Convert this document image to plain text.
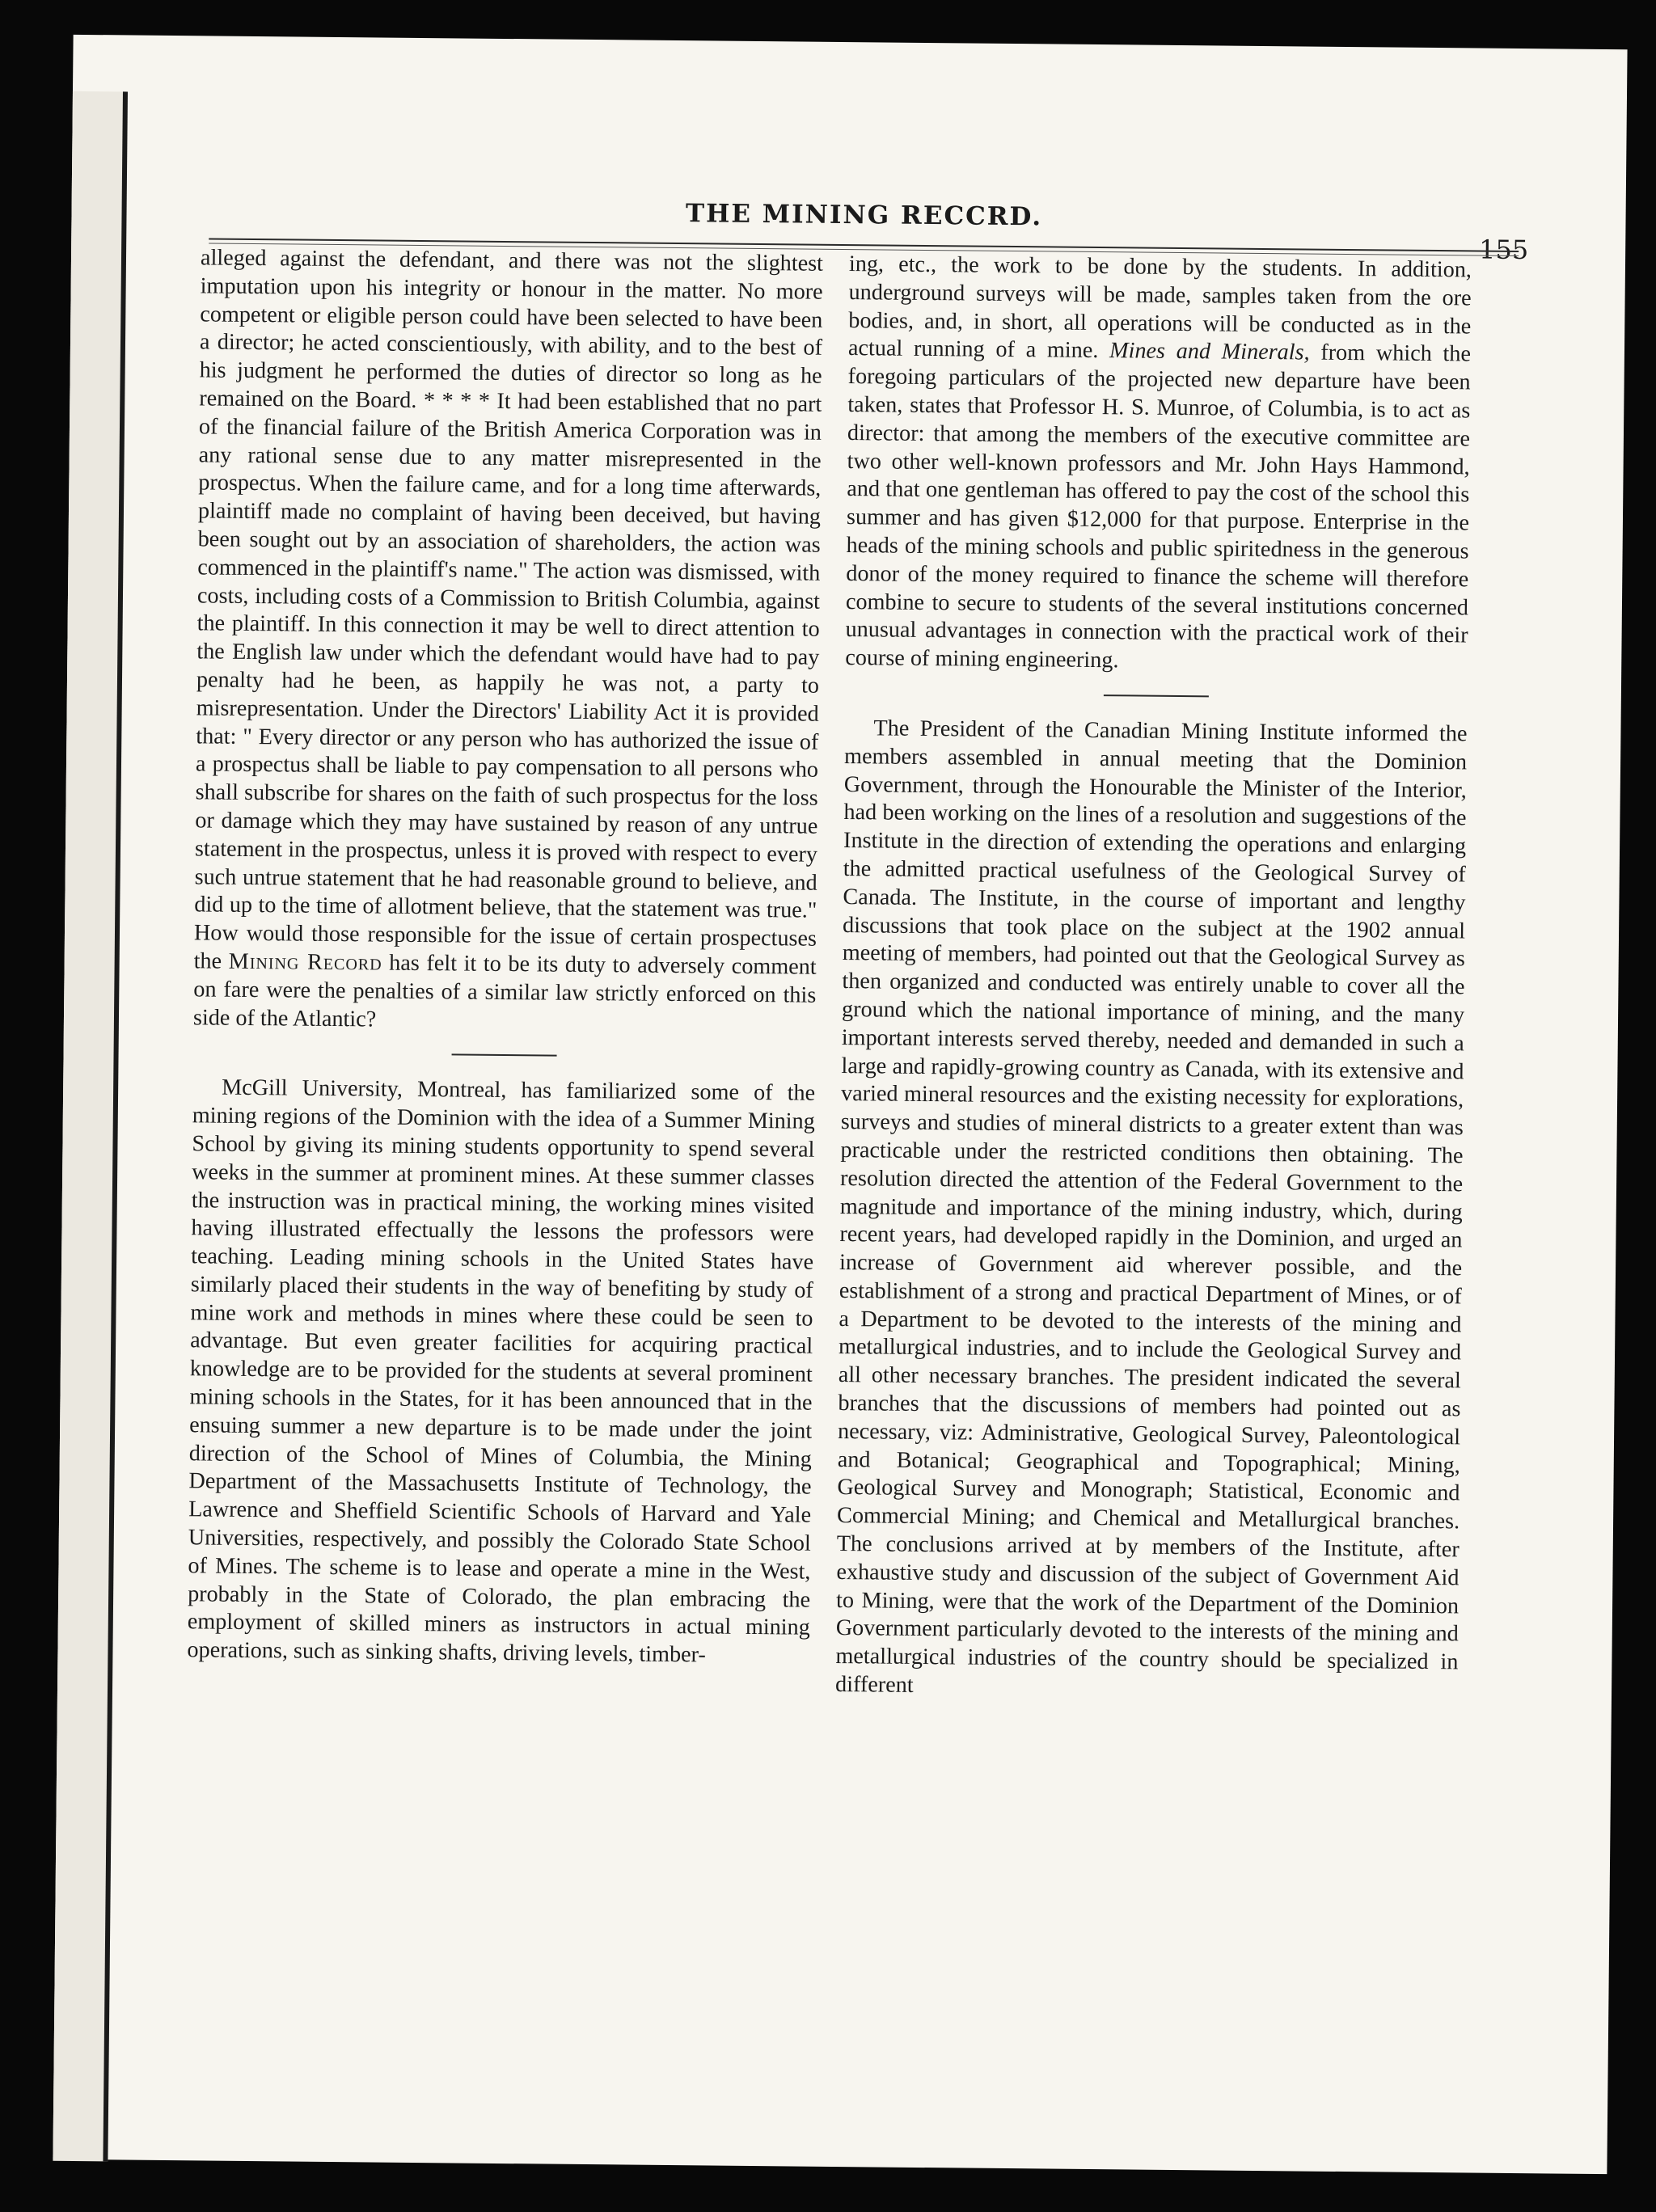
THE MINING RECCRD.
155

alleged against the defendant, and there was not the slightest imputation upon his integrity or honour in the matter. No more competent or eligible person could have been selected to have been a director; he acted conscientiously, with ability, and to the best of his judgment he performed the duties of director so long as he remained on the Board. * * * * It had been established that no part of the financial failure of the British America Corporation was in any rational sense due to any matter misrepresented in the prospectus. When the failure came, and for a long time afterwards, plaintiff made no complaint of having been deceived, but having been sought out by an association of shareholders, the action was commenced in the plaintiff's name." The action was dismissed, with costs, including costs of a Commission to British Columbia, against the plaintiff. In this connection it may be well to direct attention to the English law under which the defendant would have had to pay penalty had he been, as happily he was not, a party to misrepresentation. Under the Directors' Liability Act it is provided that: " Every director or any person who has authorized the issue of a prospectus shall be liable to pay compensation to all persons who shall subscribe for shares on the faith of such prospectus for the loss or damage which they may have sustained by reason of any untrue statement in the prospectus, unless it is proved with respect to every such untrue statement that he had reasonable ground to believe, and did up to the time of allotment believe, that the statement was true." How would those responsible for the issue of certain prospectuses the Mining Record has felt it to be its duty to adversely comment on fare were the penalties of a similar law strictly enforced on this side of the Atlantic?

McGill University, Montreal, has familiarized some of the mining regions of the Dominion with the idea of a Summer Mining School by giving its mining students opportunity to spend several weeks in the summer at prominent mines. At these summer classes the instruction was in practical mining, the working mines visited having illustrated effectually the lessons the professors were teaching. Leading mining schools in the United States have similarly placed their students in the way of benefiting by study of mine work and methods in mines where these could be seen to advantage. But even greater facilities for acquiring practical knowledge are to be provided for the students at several prominent mining schools in the States, for it has been announced that in the ensuing summer a new departure is to be made under the joint direction of the School of Mines of Columbia, the Mining Department of the Massachusetts Institute of Technology, the Lawrence and Sheffield Scientific Schools of Harvard and Yale Universities, respectively, and possibly the Colorado State School of Mines. The scheme is to lease and operate a mine in the West, probably in the State of Colorado, the plan embracing the employment of skilled miners as instructors in actual mining operations, such as sinking shafts, driving levels, timber-

ing, etc., the work to be done by the students. In addition, underground surveys will be made, samples taken from the ore bodies, and, in short, all operations will be conducted as in the actual running of a mine. Mines and Minerals, from which the foregoing particulars of the projected new departure have been taken, states that Professor H. S. Munroe, of Columbia, is to act as director: that among the members of the executive committee are two other well-known professors and Mr. John Hays Hammond, and that one gentleman has offered to pay the cost of the school this summer and has given $12,000 for that purpose. Enterprise in the heads of the mining schools and public spiritedness in the generous donor of the money required to finance the scheme will therefore combine to secure to students of the several institutions concerned unusual advantages in connection with the practical work of their course of mining engineering.

The President of the Canadian Mining Institute informed the members assembled in annual meeting that the Dominion Government, through the Honourable the Minister of the Interior, had been working on the lines of a resolution and suggestions of the Institute in the direction of extending the operations and enlarging the admitted practical usefulness of the Geological Survey of Canada. The Institute, in the course of important and lengthy discussions that took place on the subject at the 1902 annual meeting of members, had pointed out that the Geological Survey as then organized and conducted was entirely unable to cover all the ground which the national importance of mining, and the many important interests served thereby, needed and demanded in such a large and rapidly-growing country as Canada, with its extensive and varied mineral resources and the existing necessity for explorations, surveys and studies of mineral districts to a greater extent than was practicable under the restricted conditions then obtaining. The resolution directed the attention of the Federal Government to the magnitude and importance of the mining industry, which, during recent years, had developed rapidly in the Dominion, and urged an increase of Government aid wherever possible, and the establishment of a strong and practical Department of Mines, or of a Department to be devoted to the interests of the mining and metallurgical industries, and to include the Geological Survey and all other necessary branches. The president indicated the several branches that the discussions of members had pointed out as necessary, viz: Administrative, Geological Survey, Paleontological and Botanical; Geographical and Topographical; Mining, Geological Survey and Monograph; Statistical, Economic and Commercial Mining; and Chemical and Metallurgical branches. The conclusions arrived at by members of the Institute, after exhaustive study and discussion of the subject of Government Aid to Mining, were that the work of the Department of the Dominion Government particularly devoted to the interests of the mining and metallurgical industries of the country should be specialized in different
